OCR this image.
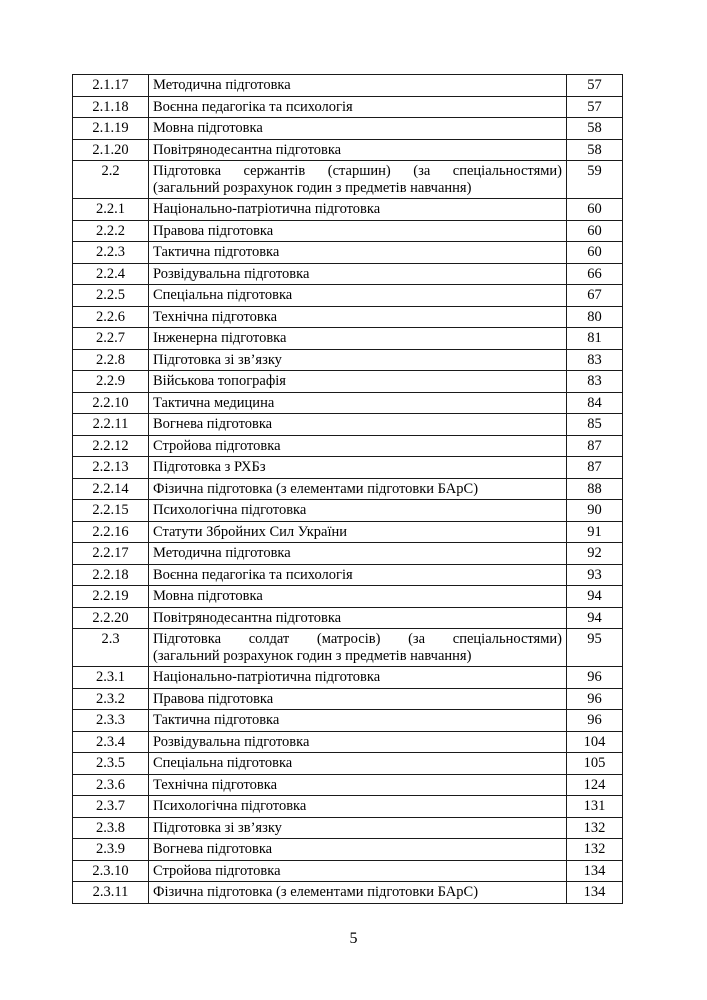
2.1.17	Методична підготовка	57
2.1.18	Воєнна педагогіка та психологія	57
2.1.19	Мовна підготовка	58
2.1.20	Повітрянодесантна підготовка	58
2.2	Підготовка сержантів (старшин) (за спеціальностями)
(загальний розрахунок годин з предметів навчання)	59
2.2.1	Національно-патріотична підготовка	60
2.2.2	Правова підготовка	60
2.2.3	Тактична підготовка	60
2.2.4	Розвідувальна підготовка	66
2.2.5	Спеціальна підготовка	67
2.2.6	Технічна підготовка	80
2.2.7	Інженерна підготовка	81
2.2.8	Підготовка зі зв’язку	83
2.2.9	Військова топографія	83
2.2.10	Тактична медицина	84
2.2.11	Вогнева підготовка	85
2.2.12	Стройова підготовка	87
2.2.13	Підготовка з РХБз	87
2.2.14	Фізична підготовка (з елементами підготовки БАрС)	88
2.2.15	Психологічна підготовка	90
2.2.16	Статути Збройних Сил України	91
2.2.17	Методична підготовка	92
2.2.18	Воєнна педагогіка та психологія	93
2.2.19	Мовна підготовка	94
2.2.20	Повітрянодесантна підготовка	94
2.3	Підготовка солдат (матросів) (за спеціальностями)
(загальний розрахунок годин з предметів навчання)	95
2.3.1	Національно-патріотична підготовка	96
2.3.2	Правова підготовка	96
2.3.3	Тактична підготовка	96
2.3.4	Розвідувальна підготовка	104
2.3.5	Спеціальна підготовка	105
2.3.6	Технічна підготовка	124
2.3.7	Психологічна підготовка	131
2.3.8	Підготовка зі зв’язку	132
2.3.9	Вогнева підготовка	132
2.3.10	Стройова підготовка	134
2.3.11	Фізична підготовка (з елементами підготовки БАрС)	134
5
